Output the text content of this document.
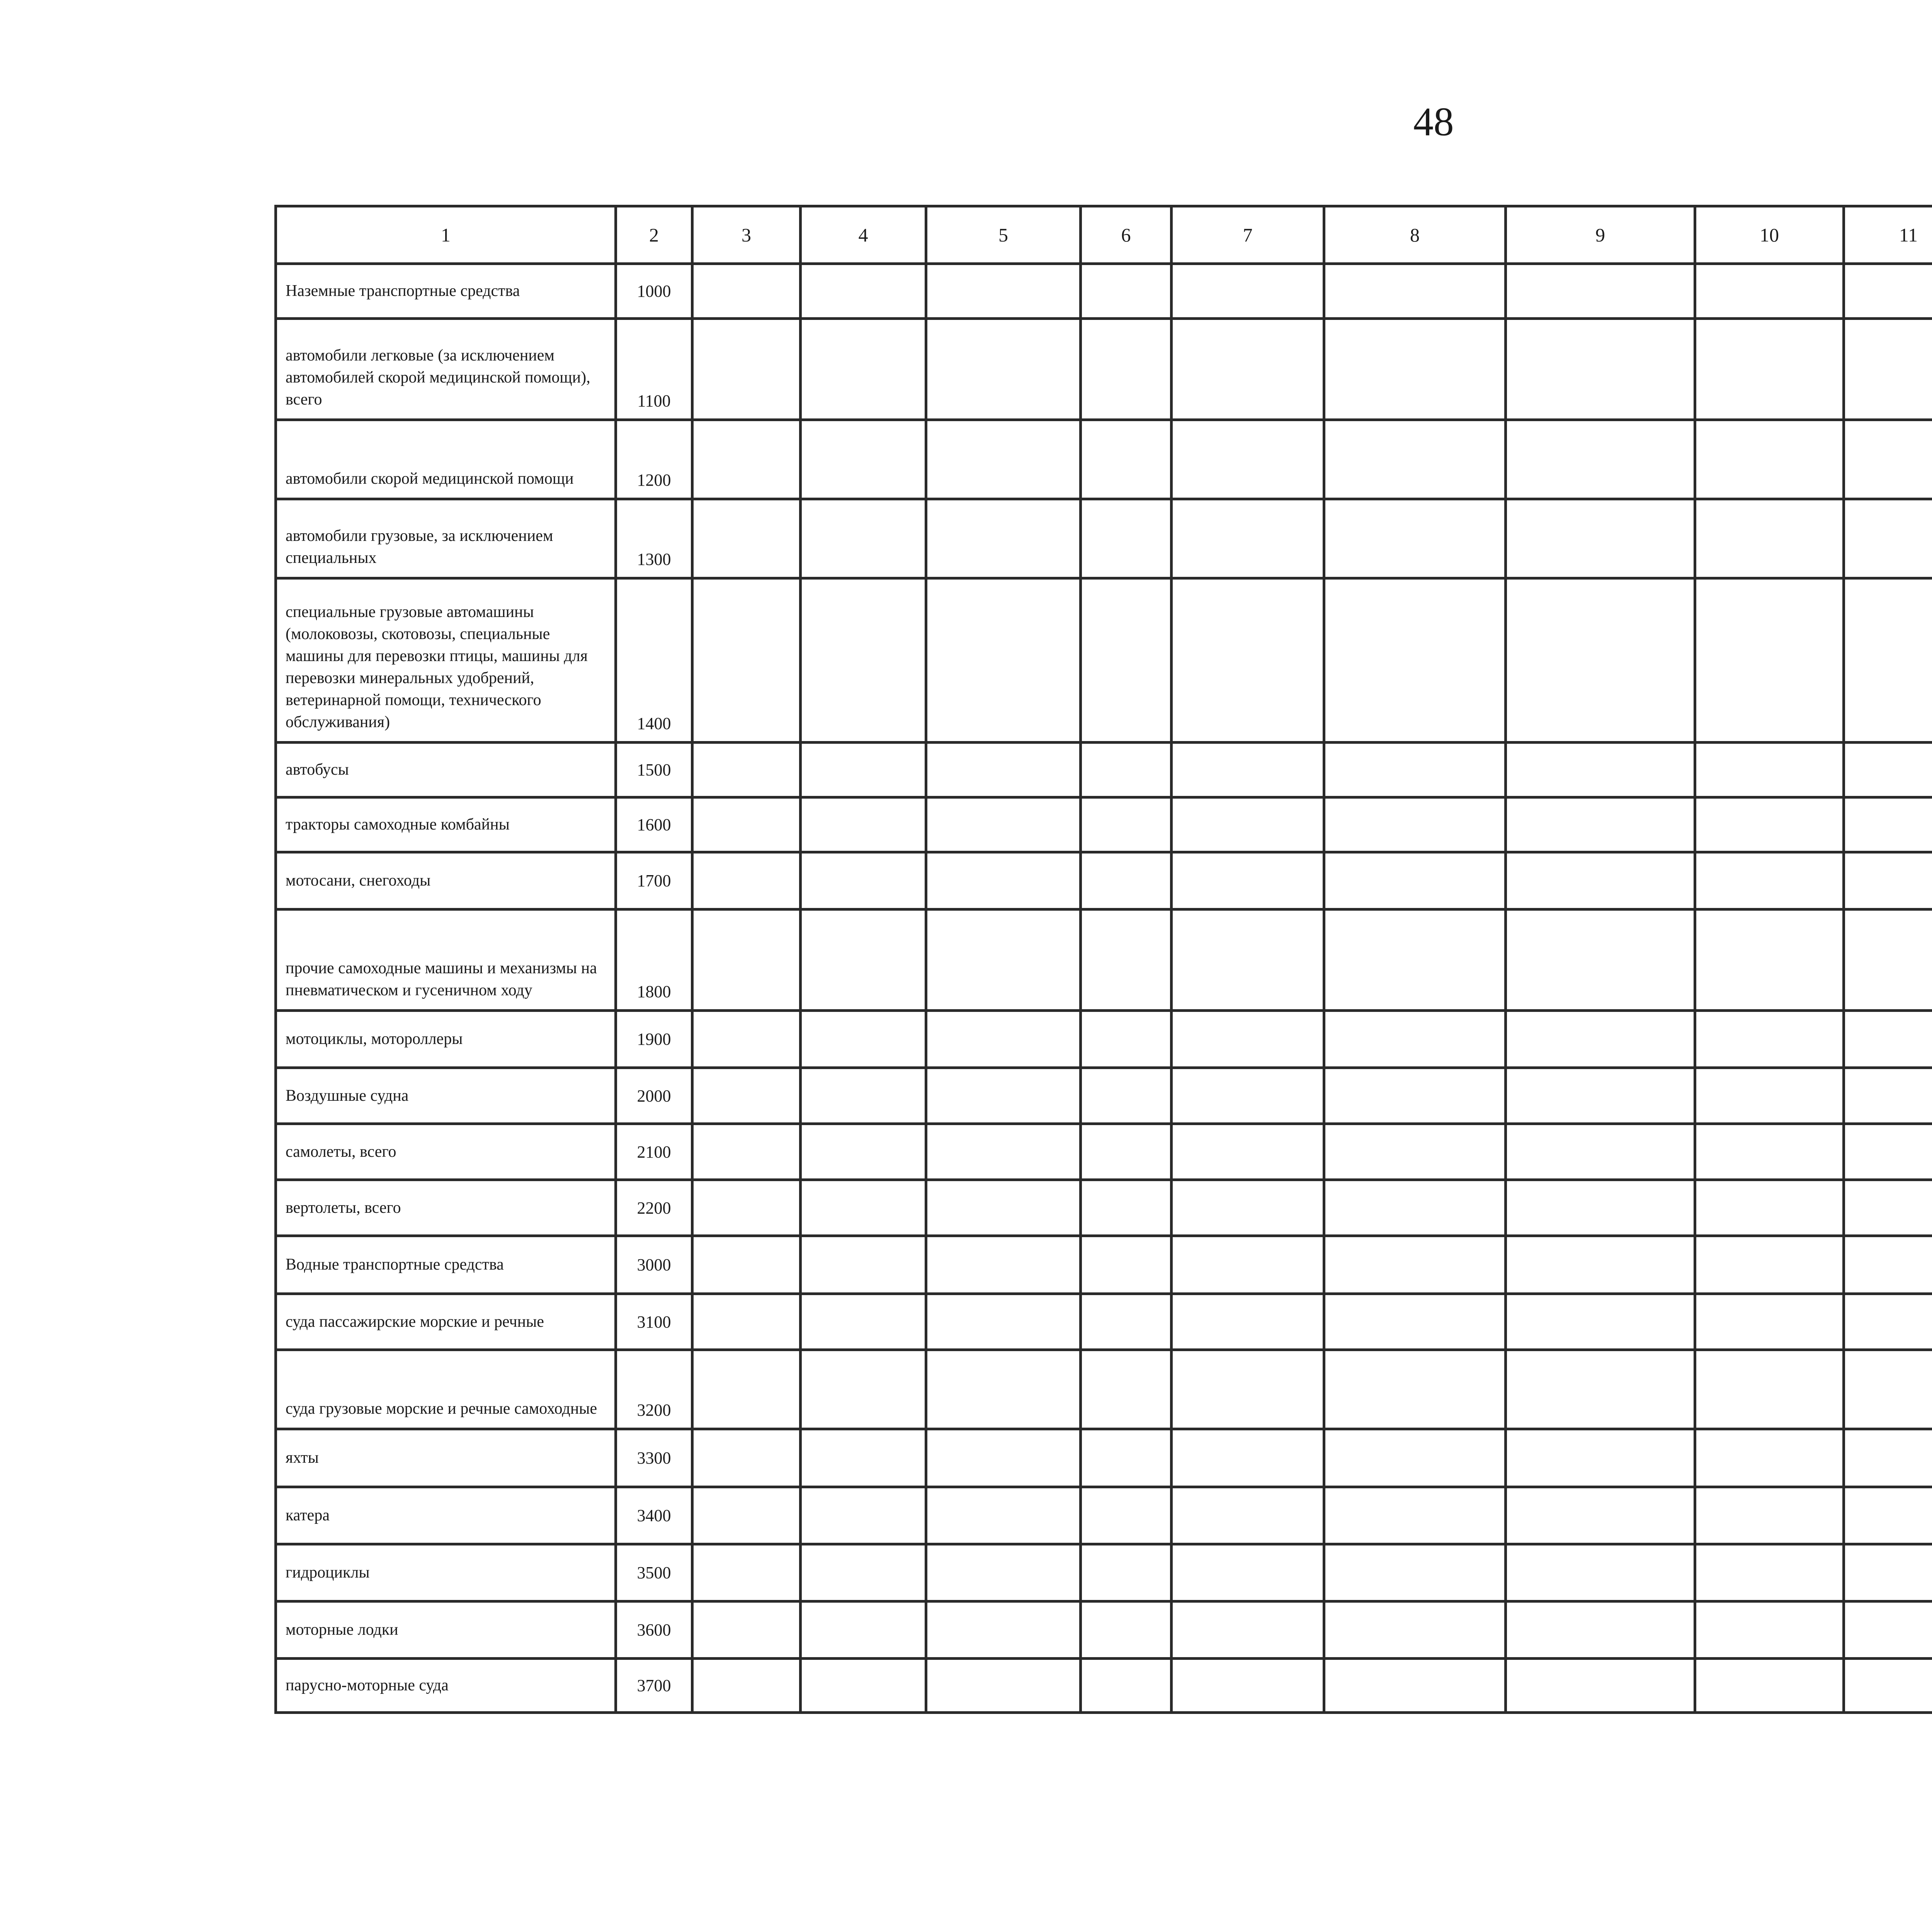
48
1	2	3	4	5	6	7	8	9	10	11				
Наземные транспортные средства	1000													
автомобили легковые (за исключением автомобилей скорой медицинской помощи), всего	1100													
автомобили скорой медицинской помощи	1200													
автомобили грузовые, за исключением специальных	1300													
специальные грузовые автомашины (молоковозы, скотовозы, специальные машины для перевозки птицы, машины для перевозки минеральных удобрений, ветеринарной помощи, технического обслуживания)	1400													
автобусы	1500													
тракторы самоходные комбайны	1600													
мотосани, снегоходы	1700													
прочие самоходные машины и механизмы на пневматическом и гусеничном ходу	1800													
мотоциклы, мотороллеры	1900													
Воздушные судна	2000													
самолеты, всего	2100													
вертолеты, всего	2200													
Водные транспортные средства	3000													
суда пассажирские морские и речные	3100													
суда грузовые морские и речные самоходные	3200													
яхты	3300													
катера	3400													
гидроциклы	3500													
моторные лодки	3600													
парусно-моторные суда	3700													
